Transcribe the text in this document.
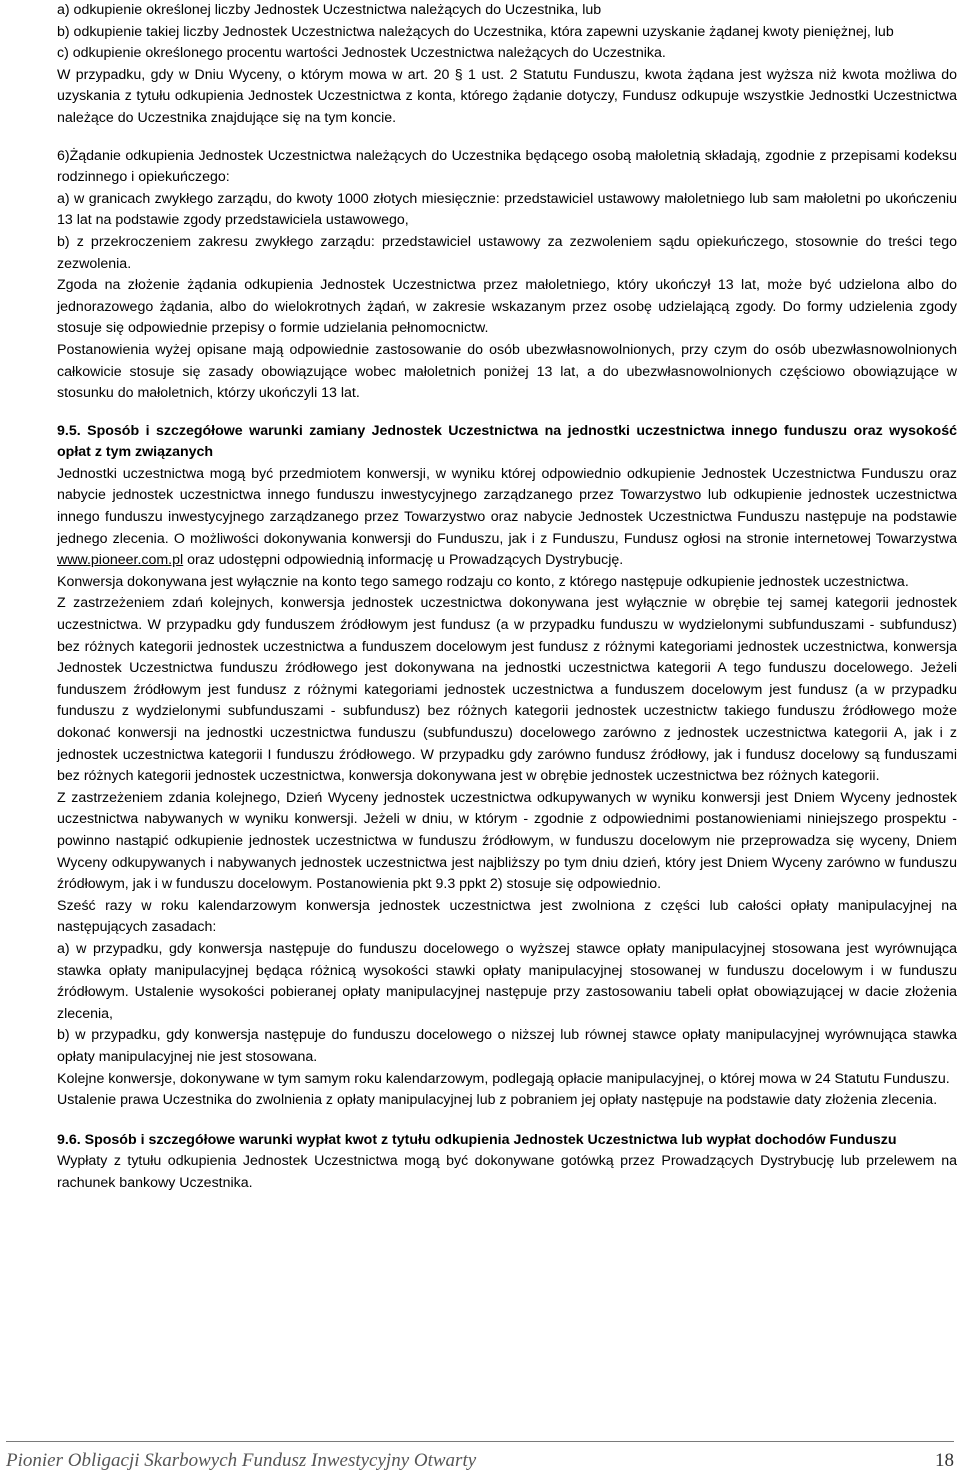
a) odkupienie określonej liczby Jednostek Uczestnictwa należących do Uczestnika, lub

b) odkupienie takiej liczby Jednostek Uczestnictwa należących do Uczestnika, która zapewni uzyskanie żądanej kwoty pieniężnej, lub

c) odkupienie określonego procentu wartości Jednostek Uczestnictwa należących do Uczestnika.

W przypadku, gdy w Dniu Wyceny, o którym mowa w art. 20 § 1 ust. 2 Statutu Funduszu, kwota żądana jest wyższa niż kwota możliwa do uzyskania z tytułu odkupienia Jednostek Uczestnictwa z konta, którego żądanie dotyczy, Fundusz odkupuje wszystkie Jednostki Uczestnictwa należące do Uczestnika znajdujące się na tym koncie.

6)Żądanie odkupienia Jednostek Uczestnictwa należących do Uczestnika będącego osobą małoletnią składają, zgodnie z przepisami kodeksu rodzinnego i opiekuńczego:

a) w granicach zwykłego zarządu, do kwoty 1000 złotych miesięcznie: przedstawiciel ustawowy małoletniego lub sam małoletni po ukończeniu 13 lat na podstawie zgody przedstawiciela ustawowego,

b) z przekroczeniem zakresu zwykłego zarządu: przedstawiciel ustawowy za zezwoleniem sądu opiekuńczego, stosownie do treści tego zezwolenia.

Zgoda na złożenie żądania odkupienia Jednostek Uczestnictwa przez małoletniego, który ukończył 13 lat, może być udzielona albo do jednorazowego żądania, albo do wielokrotnych żądań, w zakresie wskazanym przez osobę udzielającą zgody. Do formy udzielenia zgody stosuje się odpowiednie przepisy o formie udzielania pełnomocnictw.

Postanowienia wyżej opisane mają odpowiednie zastosowanie do osób ubezwłasnowolnionych, przy czym do osób ubezwłasnowolnionych całkowicie stosuje się zasady obowiązujące wobec małoletnich poniżej 13 lat, a do ubezwłasnowolnionych częściowo obowiązujące w stosunku do małoletnich, którzy ukończyli 13 lat.

9.5. Sposób i szczegółowe warunki zamiany Jednostek Uczestnictwa na jednostki uczestnictwa innego funduszu oraz wysokość opłat z tym związanych

Jednostki uczestnictwa mogą być przedmiotem konwersji, w wyniku której odpowiednio odkupienie Jednostek Uczestnictwa Funduszu oraz nabycie jednostek uczestnictwa innego funduszu inwestycyjnego zarządzanego przez Towarzystwo lub odkupienie jednostek uczestnictwa innego funduszu inwestycyjnego zarządzanego przez Towarzystwo oraz nabycie Jednostek Uczestnictwa Funduszu następuje na podstawie jednego zlecenia. O możliwości dokonywania konwersji do Funduszu, jak i z Funduszu, Fundusz ogłosi na stronie internetowej Towarzystwa www.pioneer.com.pl oraz udostępni odpowiednią informację u Prowadzących Dystrybucję.

Konwersja dokonywana jest wyłącznie na konto tego samego rodzaju co konto, z którego następuje odkupienie jednostek uczestnictwa.

Z zastrzeżeniem zdań kolejnych, konwersja jednostek uczestnictwa dokonywana jest wyłącznie w obrębie tej samej kategorii jednostek uczestnictwa. W przypadku gdy funduszem źródłowym jest fundusz (a w przypadku funduszu w wydzielonymi subfunduszami - subfundusz) bez różnych kategorii jednostek uczestnictwa a funduszem docelowym jest fundusz z różnymi kategoriami jednostek uczestnictwa, konwersja Jednostek Uczestnictwa funduszu źródłowego jest dokonywana na jednostki uczestnictwa kategorii A tego funduszu docelowego. Jeżeli funduszem źródłowym jest fundusz z różnymi kategoriami jednostek uczestnictwa a funduszem docelowym jest fundusz (a w przypadku funduszu z wydzielonymi subfunduszami - subfundusz) bez różnych kategorii jednostek uczestnictw takiego funduszu źródłowego może dokonać konwersji na jednostki uczestnictwa funduszu (subfunduszu) docelowego zarówno z jednostek uczestnictwa kategorii A, jak i z jednostek uczestnictwa kategorii I funduszu źródłowego. W przypadku gdy zarówno fundusz źródłowy, jak i fundusz docelowy są funduszami bez różnych kategorii jednostek uczestnictwa, konwersja dokonywana jest w obrębie jednostek uczestnictwa bez różnych kategorii.

Z zastrzeżeniem zdania kolejnego, Dzień Wyceny jednostek uczestnictwa odkupywanych w wyniku konwersji jest Dniem Wyceny jednostek uczestnictwa nabywanych w wyniku konwersji. Jeżeli w dniu, w którym - zgodnie z odpowiednimi postanowieniami niniejszego prospektu - powinno nastąpić odkupienie jednostek uczestnictwa w funduszu źródłowym, w funduszu docelowym nie przeprowadza się wyceny, Dniem Wyceny odkupywanych i nabywanych jednostek uczestnictwa jest najbliższy po tym dniu dzień, który jest Dniem Wyceny zarówno w funduszu źródłowym, jak i w funduszu docelowym. Postanowienia pkt 9.3 ppkt 2) stosuje się odpowiednio.

Sześć razy w roku kalendarzowym konwersja jednostek uczestnictwa jest zwolniona z części lub całości opłaty manipulacyjnej na następujących zasadach:

a) w przypadku, gdy konwersja następuje do funduszu docelowego o wyższej stawce opłaty manipulacyjnej stosowana jest wyrównująca stawka opłaty manipulacyjnej będąca różnicą wysokości stawki opłaty manipulacyjnej stosowanej w funduszu docelowym i w funduszu źródłowym. Ustalenie wysokości pobieranej opłaty manipulacyjnej następuje przy zastosowaniu tabeli opłat obowiązującej w dacie złożenia zlecenia,

b) w przypadku, gdy konwersja następuje do funduszu docelowego o niższej lub równej stawce opłaty manipulacyjnej wyrównująca stawka opłaty manipulacyjnej nie jest stosowana.

Kolejne konwersje, dokonywane w tym samym roku kalendarzowym, podlegają opłacie manipulacyjnej, o której mowa w 24 Statutu Funduszu.

Ustalenie prawa Uczestnika do zwolnienia z opłaty manipulacyjnej lub z pobraniem jej opłaty następuje na podstawie daty złożenia zlecenia.

9.6. Sposób i szczegółowe warunki wypłat kwot z tytułu odkupienia Jednostek Uczestnictwa lub wypłat dochodów Funduszu

Wypłaty z tytułu odkupienia Jednostek Uczestnictwa mogą być dokonywane gotówką przez Prowadzących Dystrybucję lub przelewem na rachunek bankowy Uczestnika.

Pionier Obligacji Skarbowych Fundusz Inwestycyjny Otwarty	18
